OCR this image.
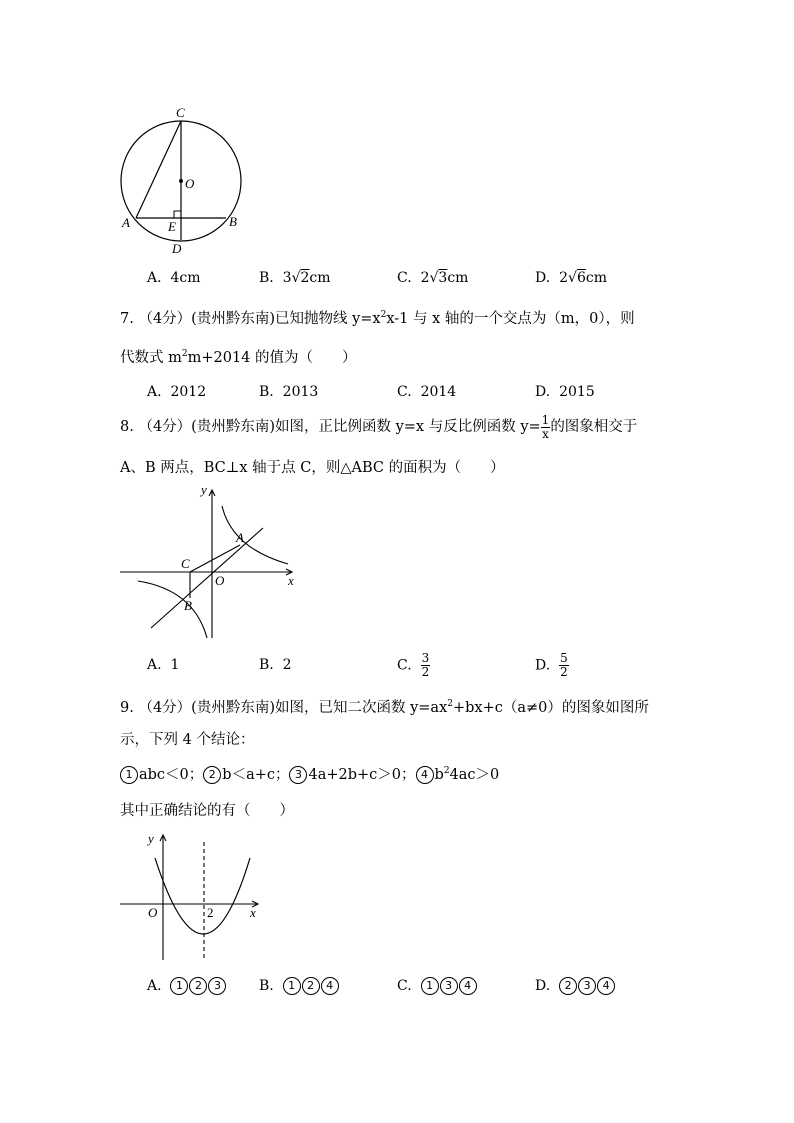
C
O
A	E	B
D
A. 4cm	B. 3√2cm	C. 2√3cm	D. 2√6cm
7. （4分）(贵州黔东南)已知抛物线 $y=x^2x-1$ 与 x 轴的一个交点为（m，0），则
代数式 $m^2m+2014$ 的值为（　　）
A. 2012	B. 2013	C. 2014	D. 2015
8. （4分）(贵州黔东南)如图，正比例函数 y=x 与反比例函数 $y= \frac{1}{x}$ 的图象相交于
A、B 两点，BC⊥x 轴于点 C，则△ABC 的面积为（　　）
y
x
A
C
O
B
A. 1	B. 2	C. $\frac{3}{2}$	D. $\frac{5}{2}$
9. （4分）(贵州黔东南)如图，已知二次函数 $y=ax^2+bx+c(a\ne 0)$的图象如图所
示，下列 4 个结论：
1 abc＜0； 2 b＜a+c； 3 4a+2b+c＞0； 4 $b^24ac>0$
其中正确结论的有（　　）
y
O	2	x
A. 1 2 3	B. 1 2 4	C. 1 3 4	D. 2 3 4
